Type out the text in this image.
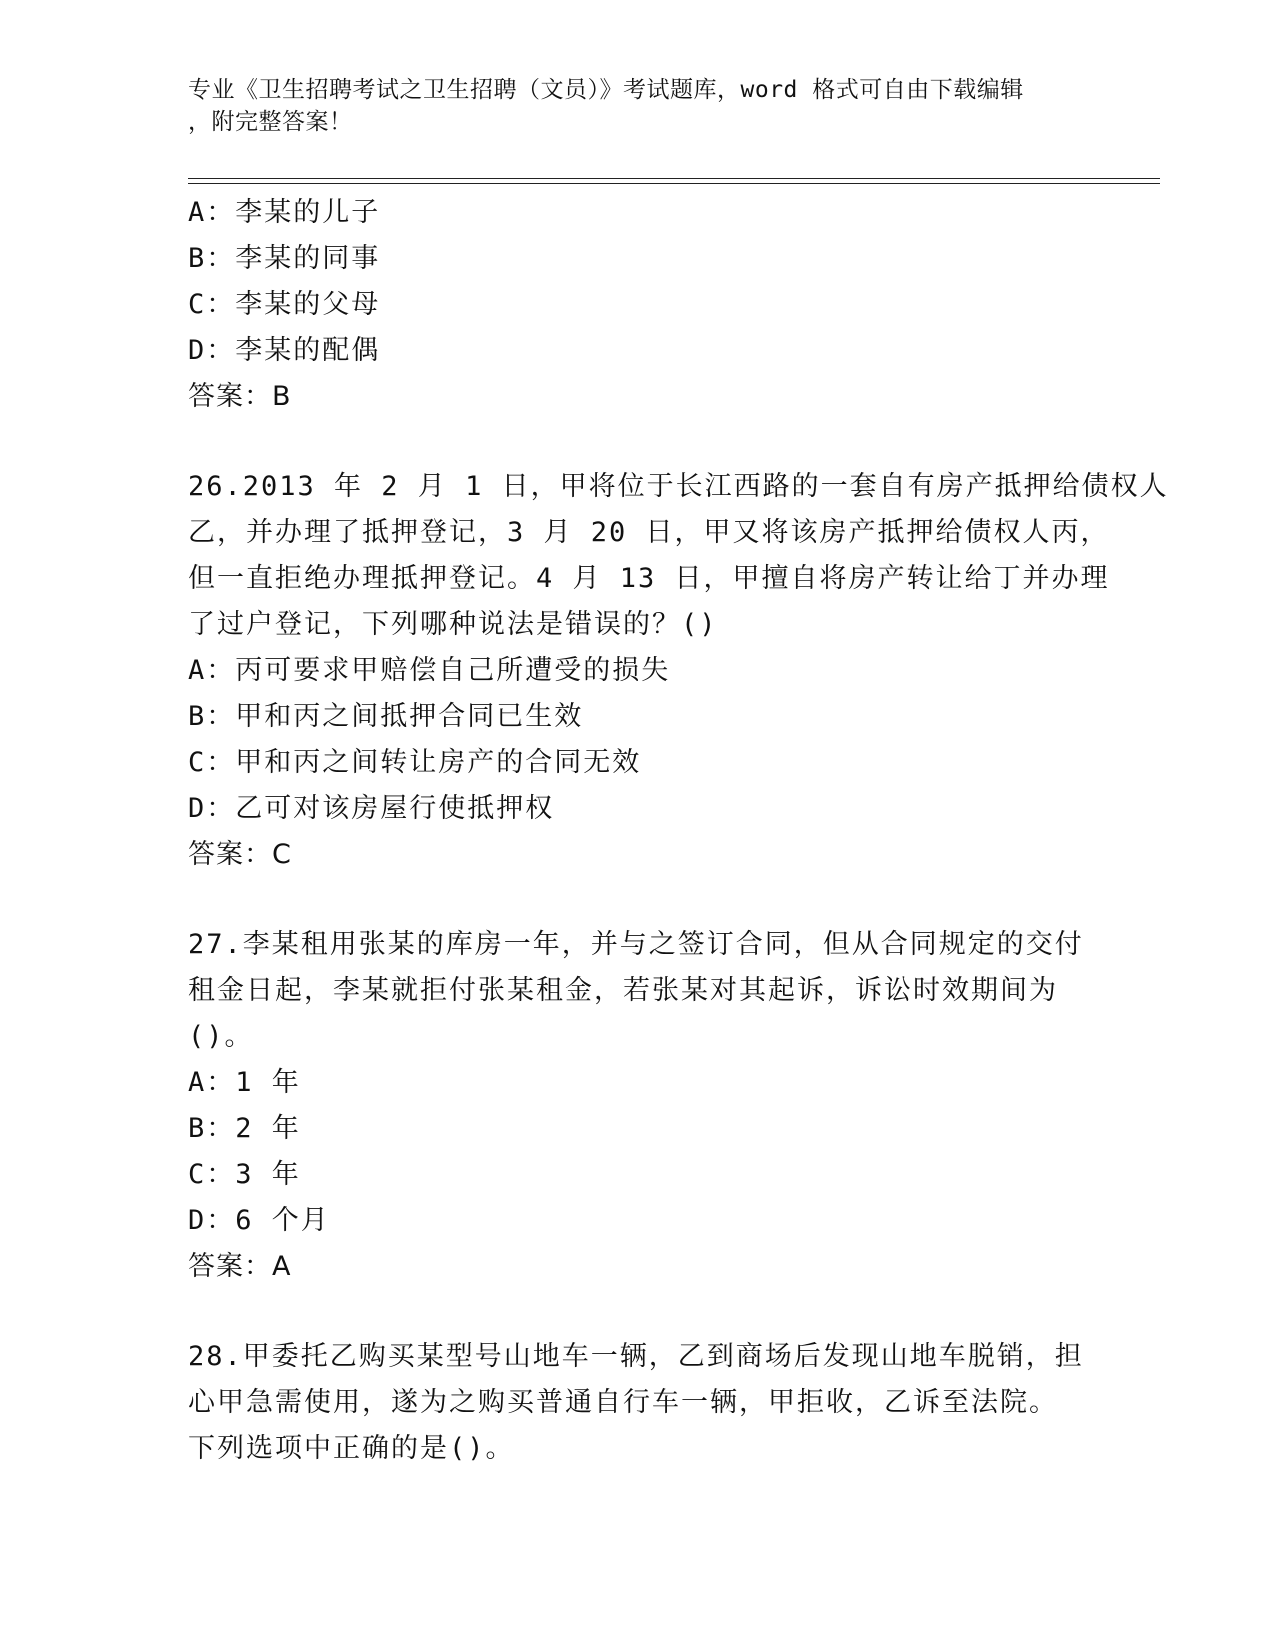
专业《卫生招聘考试之卫生招聘（文员）》考试题库，word 格式可自由下载编辑
，附完整答案！
A：李某的儿子
B：李某的同事
C：李某的父母
D：李某的配偶
答案：B
26.2013 年 2 月 1 日，甲将位于长江西路的一套自有房产抵押给债权人
乙，并办理了抵押登记，3 月 20 日，甲又将该房产抵押给债权人丙，
但一直拒绝办理抵押登记。4 月 13 日，甲擅自将房产转让给丁并办理
了过户登记，下列哪种说法是错误的？()
A：丙可要求甲赔偿自己所遭受的损失
B：甲和丙之间抵押合同已生效
C：甲和丙之间转让房产的合同无效
D：乙可对该房屋行使抵押权
答案：C
27.李某租用张某的库房一年，并与之签订合同，但从合同规定的交付
租金日起，李某就拒付张某租金，若张某对其起诉，诉讼时效期间为
()。
A：1 年
B：2 年
C：3 年
D：6 个月
答案：A
28.甲委托乙购买某型号山地车一辆，乙到商场后发现山地车脱销，担
心甲急需使用，遂为之购买普通自行车一辆，甲拒收，乙诉至法院。
下列选项中正确的是()。
